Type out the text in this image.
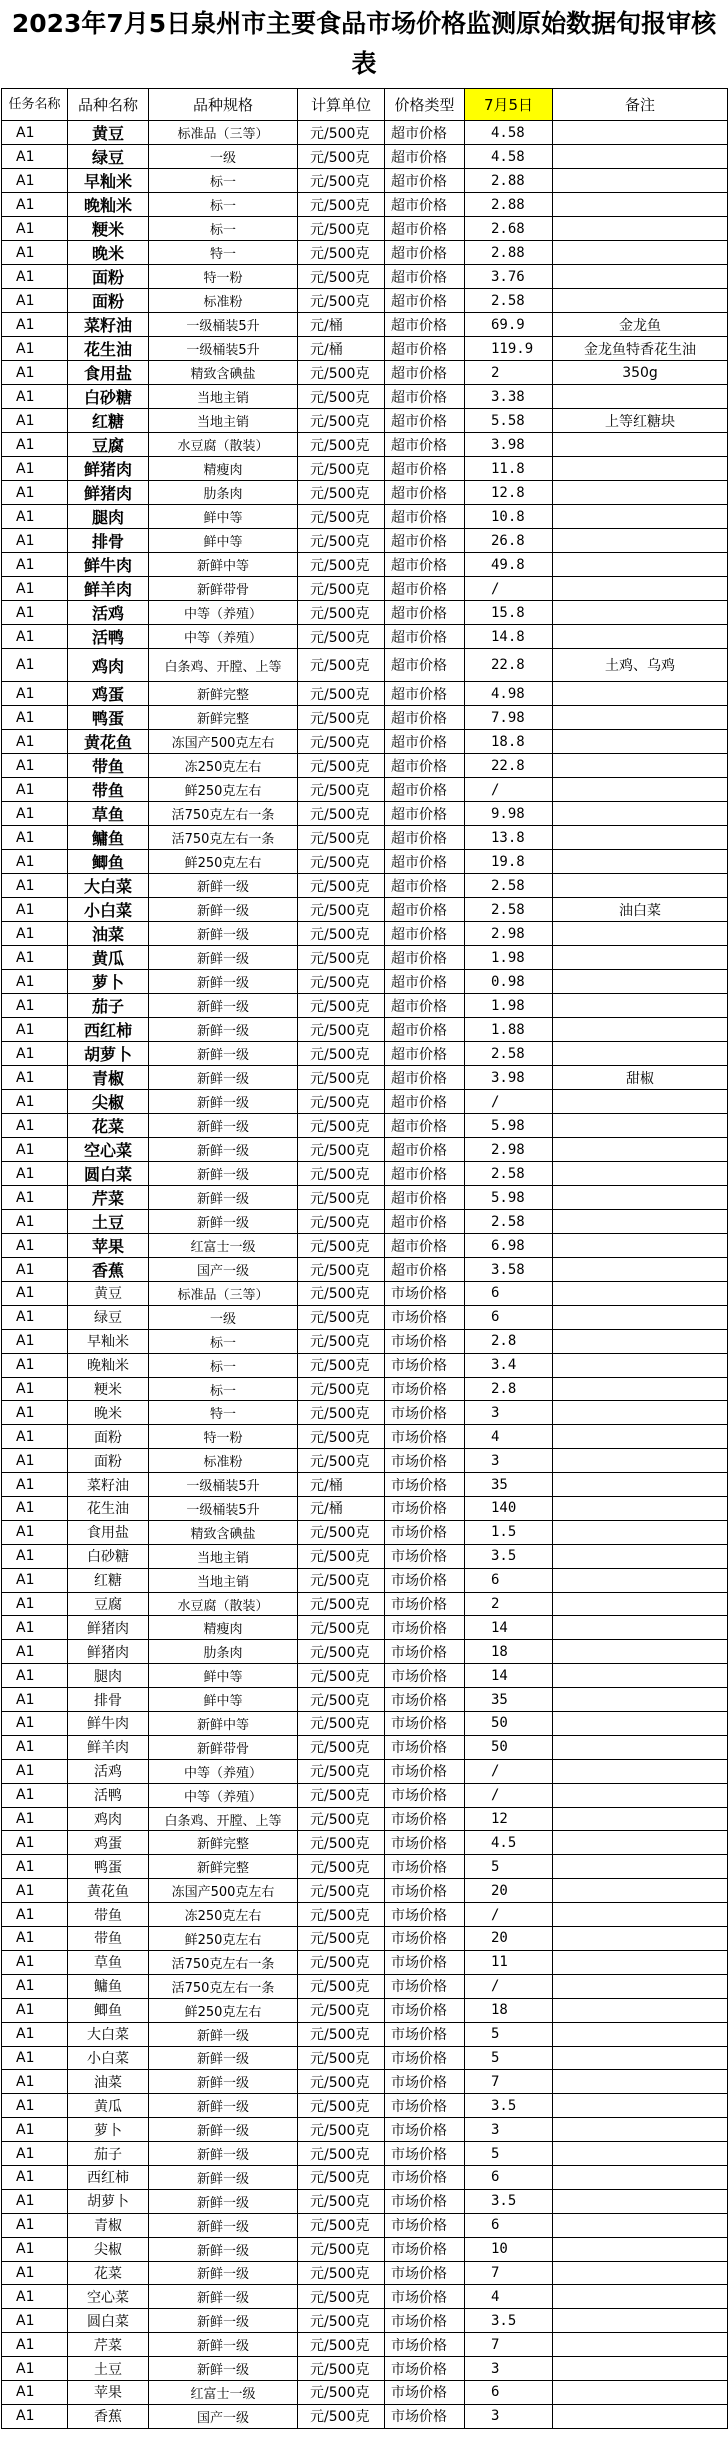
2023年7月5日泉州市主要食品市场价格监测原始数据旬报审核表
任务名称	品种名称	品种规格	计算单位	价格类型	7月5日	备注
A1	黄豆	标准品（三等）	元/500克	超市价格	4.58	
A1	绿豆	一级	元/500克	超市价格	4.58	
A1	早籼米	标一	元/500克	超市价格	2.88	
A1	晚籼米	标一	元/500克	超市价格	2.88	
A1	粳米	标一	元/500克	超市价格	2.68	
A1	晚米	特一	元/500克	超市价格	2.88	
A1	面粉	特一粉	元/500克	超市价格	3.76	
A1	面粉	标准粉	元/500克	超市价格	2.58	
A1	菜籽油	一级桶装5升	元/桶	超市价格	69.9	金龙鱼
A1	花生油	一级桶装5升	元/桶	超市价格	119.9	金龙鱼特香花生油
A1	食用盐	精致含碘盐	元/500克	超市价格	2	350g
A1	白砂糖	当地主销	元/500克	超市价格	3.38	
A1	红糖	当地主销	元/500克	超市价格	5.58	上等红糖块
A1	豆腐	水豆腐（散装）	元/500克	超市价格	3.98	
A1	鲜猪肉	精瘦肉	元/500克	超市价格	11.8	
A1	鲜猪肉	肋条肉	元/500克	超市价格	12.8	
A1	腿肉	鲜中等	元/500克	超市价格	10.8	
A1	排骨	鲜中等	元/500克	超市价格	26.8	
A1	鲜牛肉	新鲜中等	元/500克	超市价格	49.8	
A1	鲜羊肉	新鲜带骨	元/500克	超市价格	/	
A1	活鸡	中等（养殖）	元/500克	超市价格	15.8	
A1	活鸭	中等（养殖）	元/500克	超市价格	14.8	
A1	鸡肉	白条鸡、开膛、上等	元/500克	超市价格	22.8	土鸡、乌鸡
A1	鸡蛋	新鲜完整	元/500克	超市价格	4.98	
A1	鸭蛋	新鲜完整	元/500克	超市价格	7.98	
A1	黄花鱼	冻国产500克左右	元/500克	超市价格	18.8	
A1	带鱼	冻250克左右	元/500克	超市价格	22.8	
A1	带鱼	鲜250克左右	元/500克	超市价格	/	
A1	草鱼	活750克左右一条	元/500克	超市价格	9.98	
A1	鳙鱼	活750克左右一条	元/500克	超市价格	13.8	
A1	鲫鱼	鲜250克左右	元/500克	超市价格	19.8	
A1	大白菜	新鲜一级	元/500克	超市价格	2.58	
A1	小白菜	新鲜一级	元/500克	超市价格	2.58	油白菜
A1	油菜	新鲜一级	元/500克	超市价格	2.98	
A1	黄瓜	新鲜一级	元/500克	超市价格	1.98	
A1	萝卜	新鲜一级	元/500克	超市价格	0.98	
A1	茄子	新鲜一级	元/500克	超市价格	1.98	
A1	西红柿	新鲜一级	元/500克	超市价格	1.88	
A1	胡萝卜	新鲜一级	元/500克	超市价格	2.58	
A1	青椒	新鲜一级	元/500克	超市价格	3.98	甜椒
A1	尖椒	新鲜一级	元/500克	超市价格	/	
A1	花菜	新鲜一级	元/500克	超市价格	5.98	
A1	空心菜	新鲜一级	元/500克	超市价格	2.98	
A1	圆白菜	新鲜一级	元/500克	超市价格	2.58	
A1	芹菜	新鲜一级	元/500克	超市价格	5.98	
A1	土豆	新鲜一级	元/500克	超市价格	2.58	
A1	苹果	红富士一级	元/500克	超市价格	6.98	
A1	香蕉	国产一级	元/500克	超市价格	3.58	
A1	黄豆	标准品（三等）	元/500克	市场价格	6	
A1	绿豆	一级	元/500克	市场价格	6	
A1	早籼米	标一	元/500克	市场价格	2.8	
A1	晚籼米	标一	元/500克	市场价格	3.4	
A1	粳米	标一	元/500克	市场价格	2.8	
A1	晚米	特一	元/500克	市场价格	3	
A1	面粉	特一粉	元/500克	市场价格	4	
A1	面粉	标准粉	元/500克	市场价格	3	
A1	菜籽油	一级桶装5升	元/桶	市场价格	35	
A1	花生油	一级桶装5升	元/桶	市场价格	140	
A1	食用盐	精致含碘盐	元/500克	市场价格	1.5	
A1	白砂糖	当地主销	元/500克	市场价格	3.5	
A1	红糖	当地主销	元/500克	市场价格	6	
A1	豆腐	水豆腐（散装）	元/500克	市场价格	2	
A1	鲜猪肉	精瘦肉	元/500克	市场价格	14	
A1	鲜猪肉	肋条肉	元/500克	市场价格	18	
A1	腿肉	鲜中等	元/500克	市场价格	14	
A1	排骨	鲜中等	元/500克	市场价格	35	
A1	鲜牛肉	新鲜中等	元/500克	市场价格	50	
A1	鲜羊肉	新鲜带骨	元/500克	市场价格	50	
A1	活鸡	中等（养殖）	元/500克	市场价格	/	
A1	活鸭	中等（养殖）	元/500克	市场价格	/	
A1	鸡肉	白条鸡、开膛、上等	元/500克	市场价格	12	
A1	鸡蛋	新鲜完整	元/500克	市场价格	4.5	
A1	鸭蛋	新鲜完整	元/500克	市场价格	5	
A1	黄花鱼	冻国产500克左右	元/500克	市场价格	20	
A1	带鱼	冻250克左右	元/500克	市场价格	/	
A1	带鱼	鲜250克左右	元/500克	市场价格	20	
A1	草鱼	活750克左右一条	元/500克	市场价格	11	
A1	鳙鱼	活750克左右一条	元/500克	市场价格	/	
A1	鲫鱼	鲜250克左右	元/500克	市场价格	18	
A1	大白菜	新鲜一级	元/500克	市场价格	5	
A1	小白菜	新鲜一级	元/500克	市场价格	5	
A1	油菜	新鲜一级	元/500克	市场价格	7	
A1	黄瓜	新鲜一级	元/500克	市场价格	3.5	
A1	萝卜	新鲜一级	元/500克	市场价格	3	
A1	茄子	新鲜一级	元/500克	市场价格	5	
A1	西红柿	新鲜一级	元/500克	市场价格	6	
A1	胡萝卜	新鲜一级	元/500克	市场价格	3.5	
A1	青椒	新鲜一级	元/500克	市场价格	6	
A1	尖椒	新鲜一级	元/500克	市场价格	10	
A1	花菜	新鲜一级	元/500克	市场价格	7	
A1	空心菜	新鲜一级	元/500克	市场价格	4	
A1	圆白菜	新鲜一级	元/500克	市场价格	3.5	
A1	芹菜	新鲜一级	元/500克	市场价格	7	
A1	土豆	新鲜一级	元/500克	市场价格	3	
A1	苹果	红富士一级	元/500克	市场价格	6	
A1	香蕉	国产一级	元/500克	市场价格	3	
